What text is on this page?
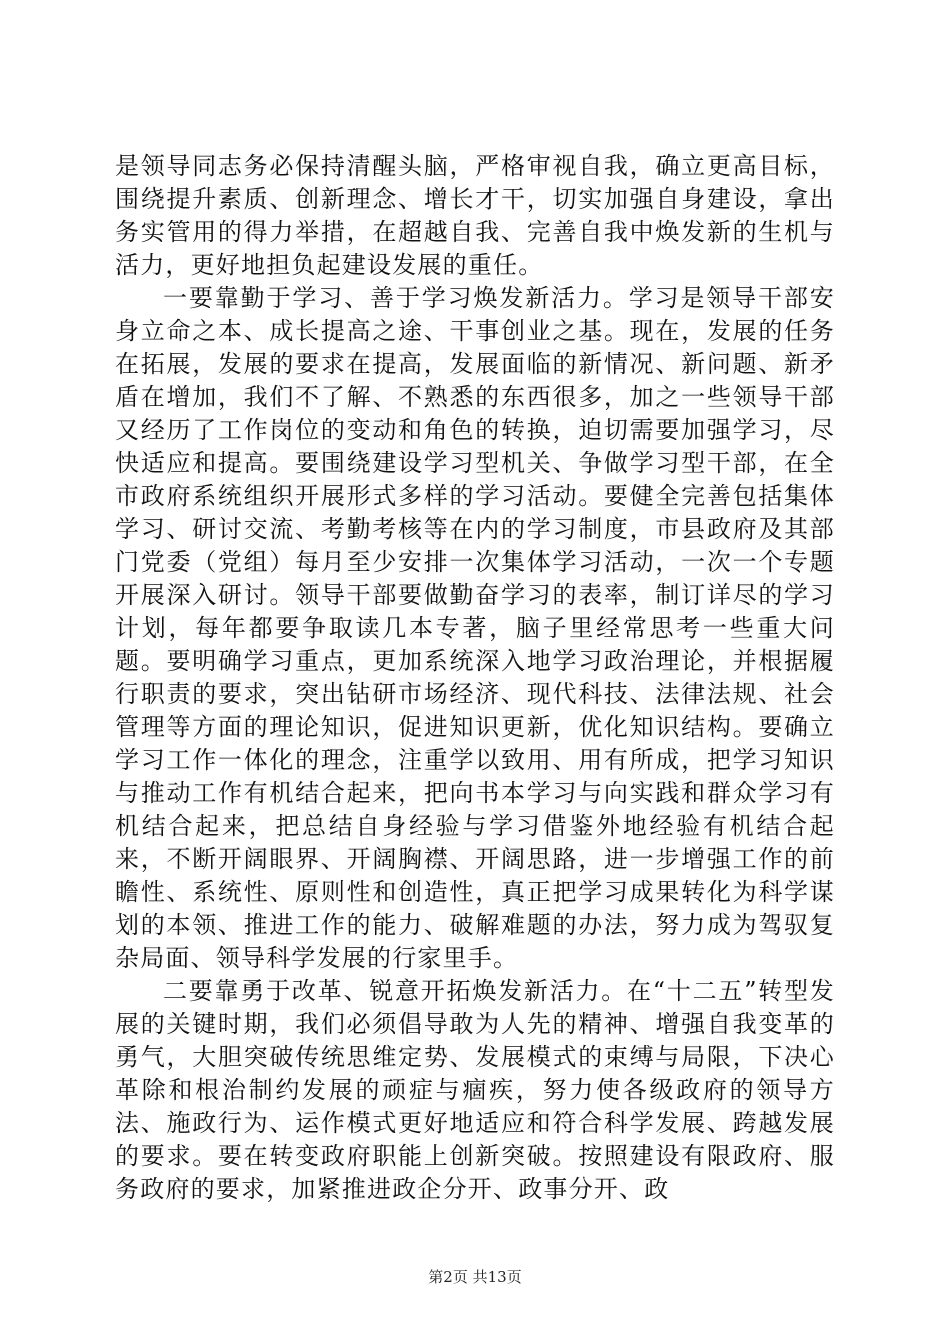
是领导同志务必保持清醒头脑，严格审视自我，确立更高目标，围绕提升素质、创新理念、增长才干，切实加强自身建设，拿出务实管用的得力举措，在超越自我、完善自我中焕发新的生机与活力，更好地担负起建设发展的重任。

一要靠勤于学习、善于学习焕发新活力。学习是领导干部安身立命之本、成长提高之途、干事创业之基。现在，发展的任务在拓展，发展的要求在提高，发展面临的新情况、新问题、新矛盾在增加，我们不了解、不熟悉的东西很多，加之一些领导干部又经历了工作岗位的变动和角色的转换，迫切需要加强学习，尽快适应和提高。要围绕建设学习型机关、争做学习型干部，在全市政府系统组织开展形式多样的学习活动。要健全完善包括集体学习、研讨交流、考勤考核等在内的学习制度，市县政府及其部门党委（党组）每月至少安排一次集体学习活动，一次一个专题开展深入研讨。领导干部要做勤奋学习的表率，制订详尽的学习计划，每年都要争取读几本专著，脑子里经常思考一些重大问题。要明确学习重点，更加系统深入地学习政治理论，并根据履行职责的要求，突出钻研市场经济、现代科技、法律法规、社会管理等方面的理论知识，促进知识更新，优化知识结构。要确立学习工作一体化的理念，注重学以致用、用有所成，把学习知识与推动工作有机结合起来，把向书本学习与向实践和群众学习有机结合起来，把总结自身经验与学习借鉴外地经验有机结合起来，不断开阔眼界、开阔胸襟、开阔思路，进一步增强工作的前瞻性、系统性、原则性和创造性，真正把学习成果转化为科学谋划的本领、推进工作的能力、破解难题的办法，努力成为驾驭复杂局面、领导科学发展的行家里手。

二要靠勇于改革、锐意开拓焕发新活力。在“十二五”转型发展的关键时期，我们必须倡导敢为人先的精神、增强自我变革的勇气，大胆突破传统思维定势、发展模式的束缚与局限，下决心革除和根治制约发展的顽症与痼疾，努力使各级政府的领导方法、施政行为、运作模式更好地适应和符合科学发展、跨越发展的要求。要在转变政府职能上创新突破。按照建设有限政府、服务政府的要求，加紧推进政企分开、政事分开、政

第2页 共13页
